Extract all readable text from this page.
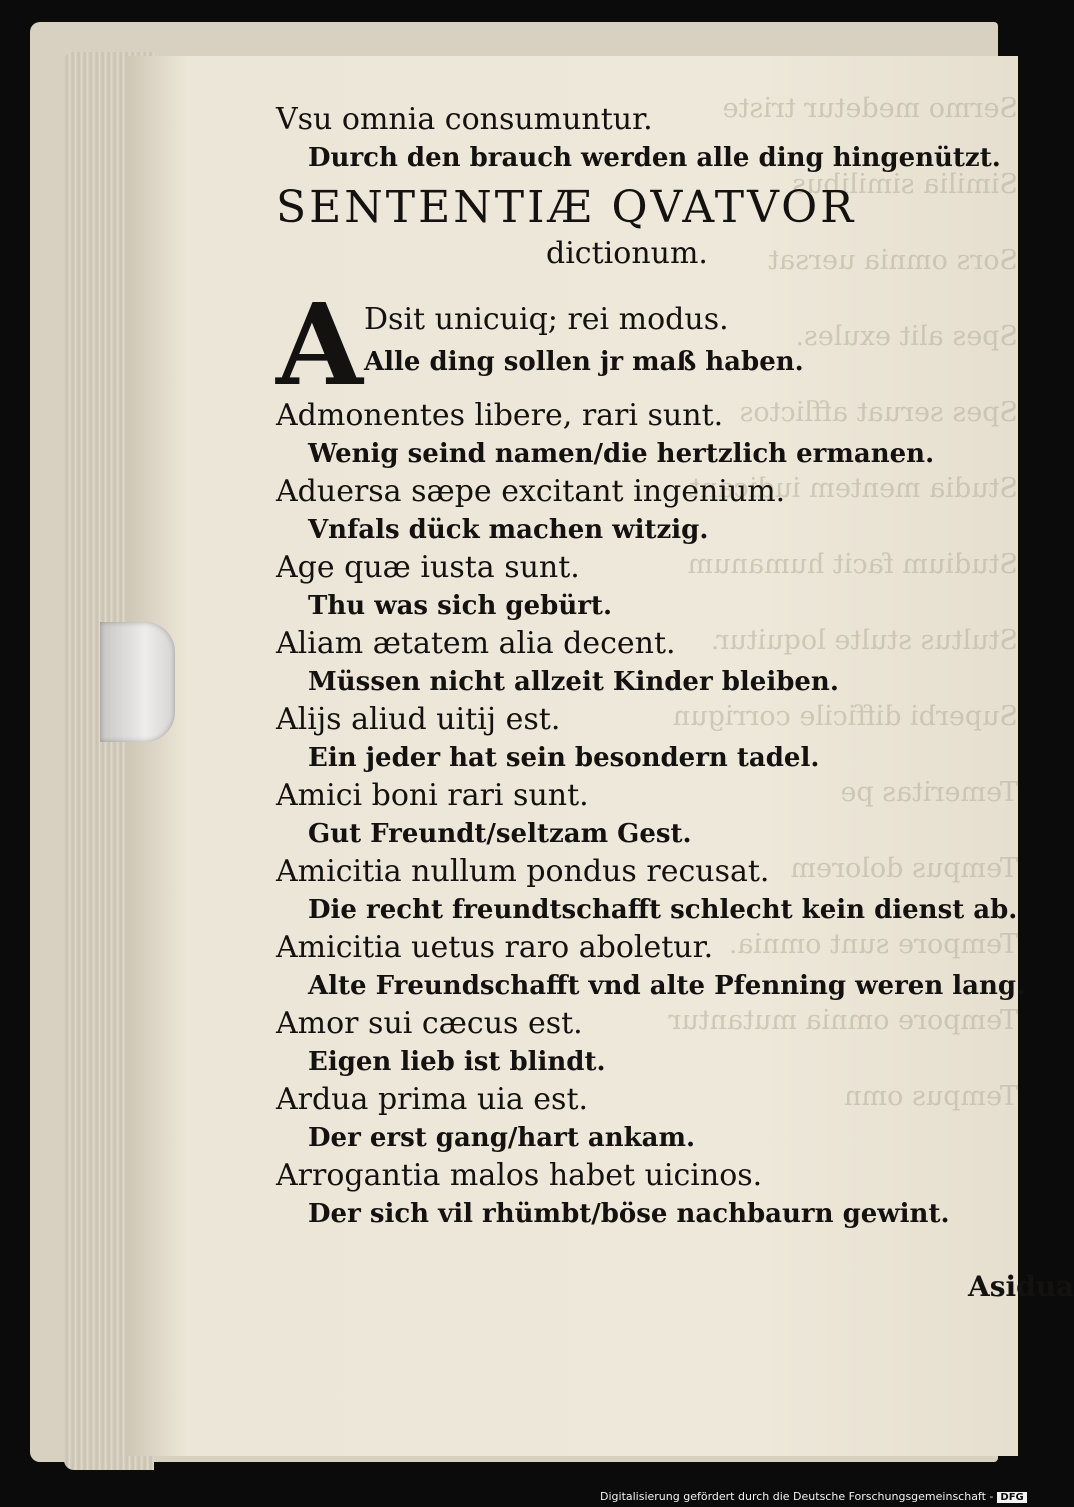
Sermo medetur triste
Similia similibus
Sors omnia uersat
Spes alit exules.
Spes seruat afflictos
Studia mentem iudicant.
Studium facit humanum
Stultus stulte loquitur.
Superbi difficile corrigun
Temeritas pe
Tempus dolorem
Tempore sunt omnia.
Tempore omnia mutantur
Tempus omn
Vsu omnia consumuntur.
Durch den brauch werden alle ding hingenützt.
SENTENTIÆ QVATVOR
dictionum.
A Dsit unicuiq; rei modus.
Alle ding sollen jr maß haben.
Admonentes libere, rari sunt.
Wenig seind namen/die hertzlich ermanen.
Aduersa sæpe excitant ingenium.
Vnfals dück machen witzig.
Age quæ iusta sunt.
Thu was sich gebürt.
Aliam ætatem alia decent.
Müssen nicht allzeit Kinder bleiben.
Alijs aliud uitij est.
Ein jeder hat sein besondern tadel.
Amici boni rari sunt.
Gut Freundt/seltzam Gest.
Amicitia nullum pondus recusat.
Die recht freundtschafft schlecht kein dienst ab.
Amicitia uetus raro aboletur.
Alte Freundschafft vnd alte Pfenning weren lang.
Amor sui cæcus est.
Eigen lieb ist blindt.
Ardua prima uia est.
Der erst gang/hart ankam.
Arrogantia malos habet uicinos.
Der sich vil rhümbt/böse nachbaurn gewint.
Asidua
Digitalisierung gefördert durch die Deutsche Forschungsgemeinschaft - DFG
